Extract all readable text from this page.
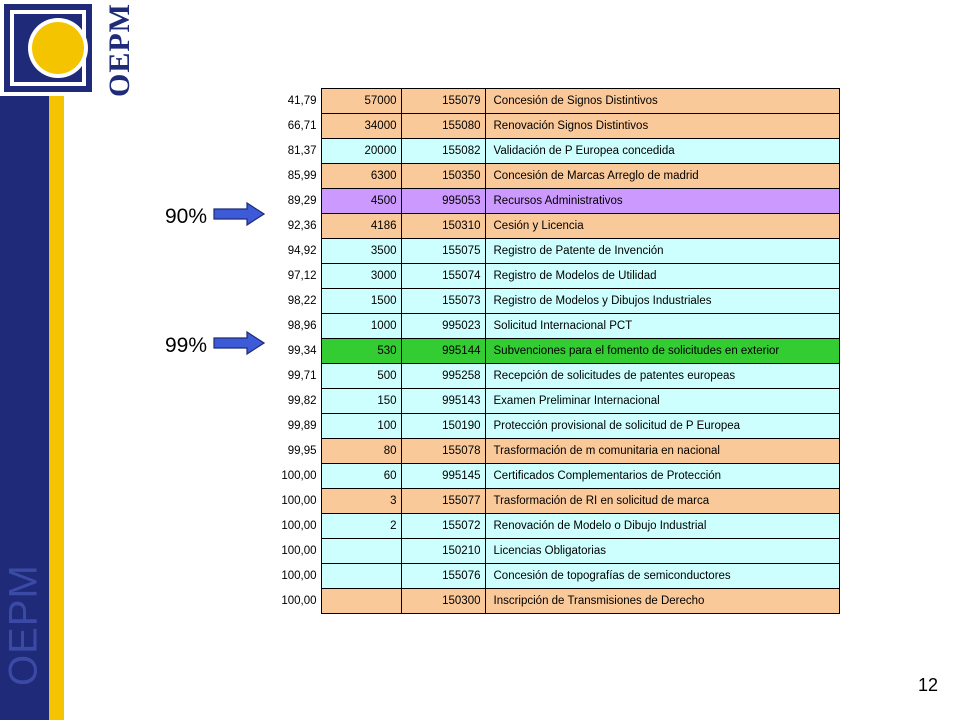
OEPM
OEPM
90%
99%
41,79	57000	155079	Concesión de Signos Distintivos
66,71	34000	155080	Renovación Signos Distintivos
81,37	20000	155082	Validación de P Europea concedida
85,99	6300	150350	Concesión de Marcas Arreglo de madrid
89,29	4500	995053	Recursos Administrativos
92,36	4186	150310	Cesión y Licencia
94,92	3500	155075	Registro de Patente de Invención
97,12	3000	155074	Registro de Modelos de Utilidad
98,22	1500	155073	Registro de Modelos y Dibujos Industriales
98,96	1000	995023	Solicitud Internacional PCT
99,34	530	995144	Subvenciones para el fomento de solicitudes en exterior
99,71	500	995258	Recepción de solicitudes de patentes europeas
99,82	150	995143	Examen Preliminar Internacional
99,89	100	150190	Protección provisional de solicitud de P Europea
99,95	80	155078	Trasformación de m comunitaria en nacional
100,00	60	995145	Certificados Complementarios de Protección
100,00	3	155077	Trasformación de RI en solicitud de marca
100,00	2	155072	Renovación de Modelo o Dibujo Industrial
100,00		150210	Licencias Obligatorias
100,00		155076	Concesión de topografías de semiconductores
100,00		150300	Inscripción de Transmisiones de Derecho
12
